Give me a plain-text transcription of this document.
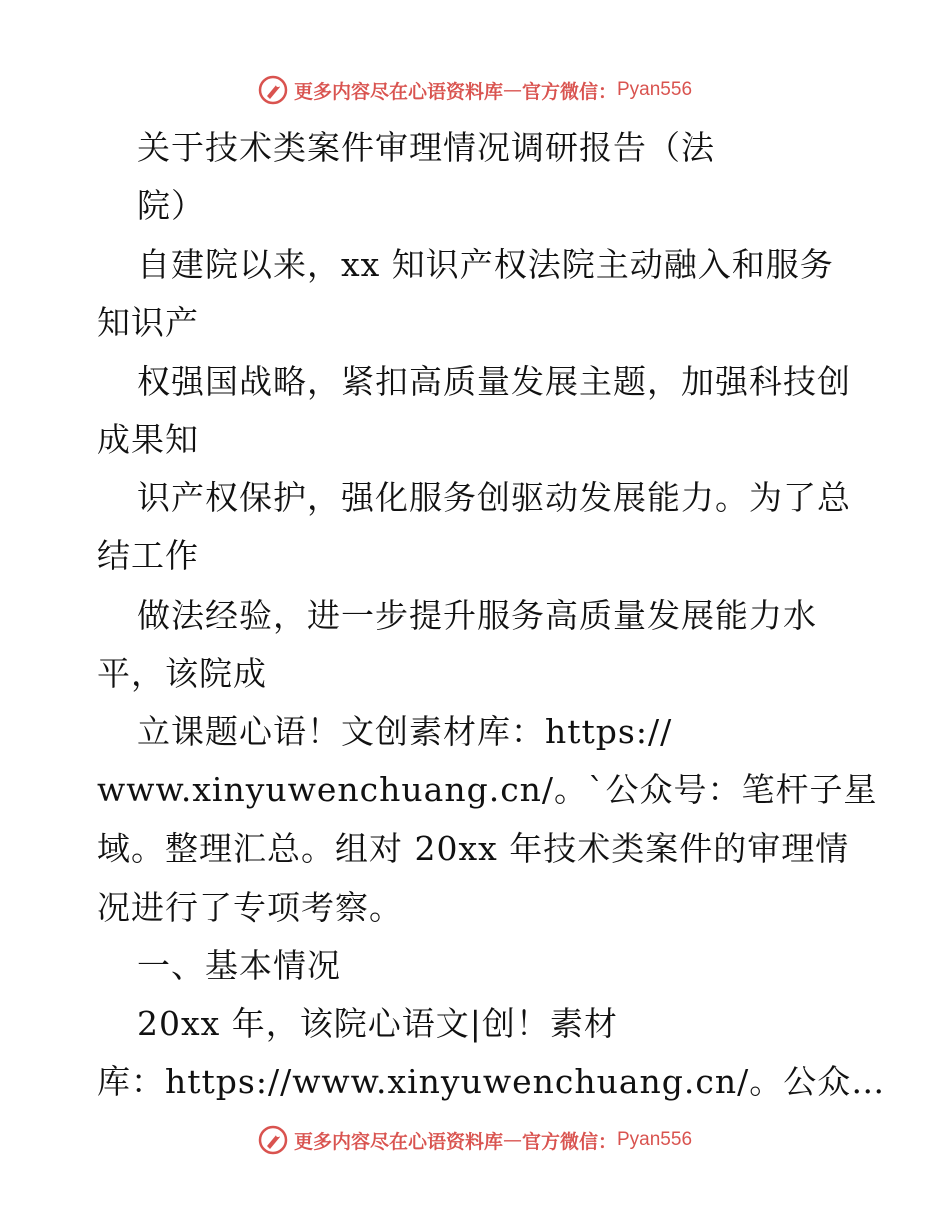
更多内容尽在心语资料库 — 官方微信： Pyan556
关于技术类案件审理情况调研报告（法
院）
自建院以来，xx 知识产权法院主动融入和服务
知识产
权强国战略，紧扣高质量发展主题，加强科技创
成果知
识产权保护，强化服务创驱动发展能力。为了总
结工作
做法经验，进一步提升服务高质量发展能力水
平，该院成
立课题心语！文创素材库：https://
www.xinyuwenchuang.cn/。`公众号：笔杆子星
域。整理汇总。组对 20xx 年技术类案件的审理情
况进行了专项考察。
一、基本情况
20xx 年，该院心语文|创！素材
库：https://www.xinyuwenchuang.cn/。公众…
更多内容尽在心语资料库 — 官方微信： Pyan556
